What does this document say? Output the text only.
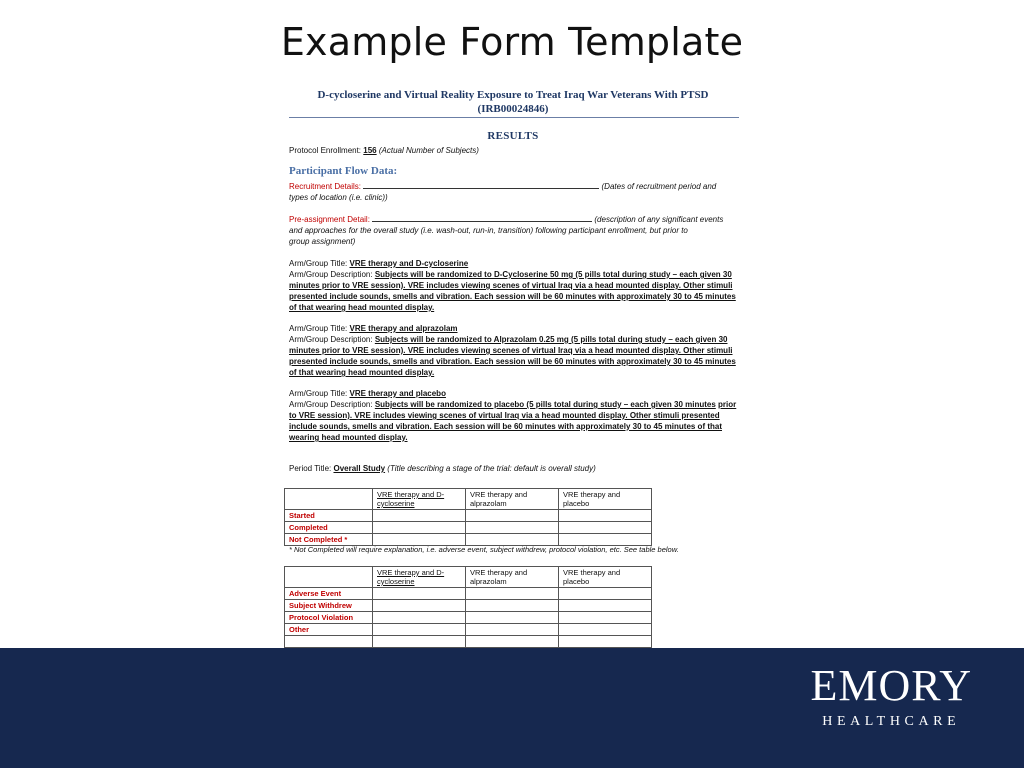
Example Form Template
D-cycloserine and Virtual Reality Exposure to Treat Iraq War Veterans With PTSD
(IRB00024846)
RESULTS
Protocol Enrollment: 156 (Actual Number of Subjects)
Participant Flow Data:
Recruitment Details:	(Dates of recruitment period and
types of location (i.e. clinic))
Pre-assignment Detail:	(description of any significant events
and approaches for the overall study (i.e. wash-out, run-in, transition) following participant enrollment, but prior to
group assignment)
Arm/Group Title: VRE therapy and D-cycloserine
Arm/Group Description: Subjects will be randomized to D-Cycloserine 50 mg (5 pills total during study – each given 30 minutes prior to VRE session). VRE includes viewing scenes of virtual Iraq via a head mounted display. Other stimuli presented include sounds, smells and vibration. Each session will be 60 minutes with approximately 30 to 45 minutes of that wearing head mounted display.
Arm/Group Title: VRE therapy and alprazolam
Arm/Group Description: Subjects will be randomized to Alprazolam 0.25 mg (5 pills total during study – each given 30 minutes prior to VRE session). VRE includes viewing scenes of virtual Iraq via a head mounted display. Other stimuli presented include sounds, smells and vibration. Each session will be 60 minutes with approximately 30 to 45 minutes of that wearing head mounted display.
Arm/Group Title: VRE therapy and placebo
Arm/Group Description: Subjects will be randomized to placebo (5 pills total during study – each given 30 minutes prior to VRE session). VRE includes viewing scenes of virtual Iraq via a head mounted display. Other stimuli presented include sounds, smells and vibration. Each session will be 60 minutes with approximately 30 to 45 minutes of that wearing head mounted display.
Period Title: Overall Study (Title describing a stage of the trial: default is overall study)
	VRE therapy and D-cycloserine	VRE therapy and alprazolam	VRE therapy and placebo
Started			
Completed			
Not Completed *			
* Not Completed will require explanation, i.e. adverse event, subject withdrew, protocol violation, etc. See table below.
	VRE therapy and D-cycloserine	VRE therapy and alprazolam	VRE therapy and placebo
Adverse Event			
Subject Withdrew			
Protocol Violation			
Other			

EMORY
HEALTHCARE
